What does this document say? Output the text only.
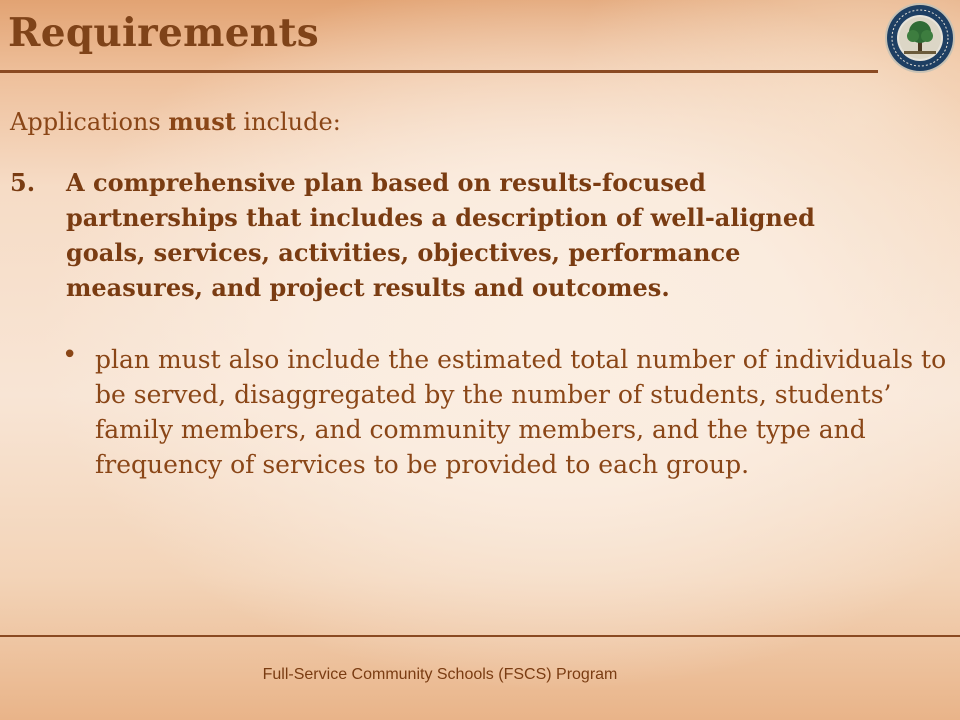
Requirements
Applications must include:
5. A comprehensive plan based on results-focused partnerships that includes a description of well-aligned goals, services, activities, objectives, performance measures, and project results and outcomes.
• plan must also include the estimated total number of individuals to be served, disaggregated by the number of students, students’ family members, and community members, and the type and frequency of services to be provided to each group.
Full-Service Community Schools (FSCS) Program
